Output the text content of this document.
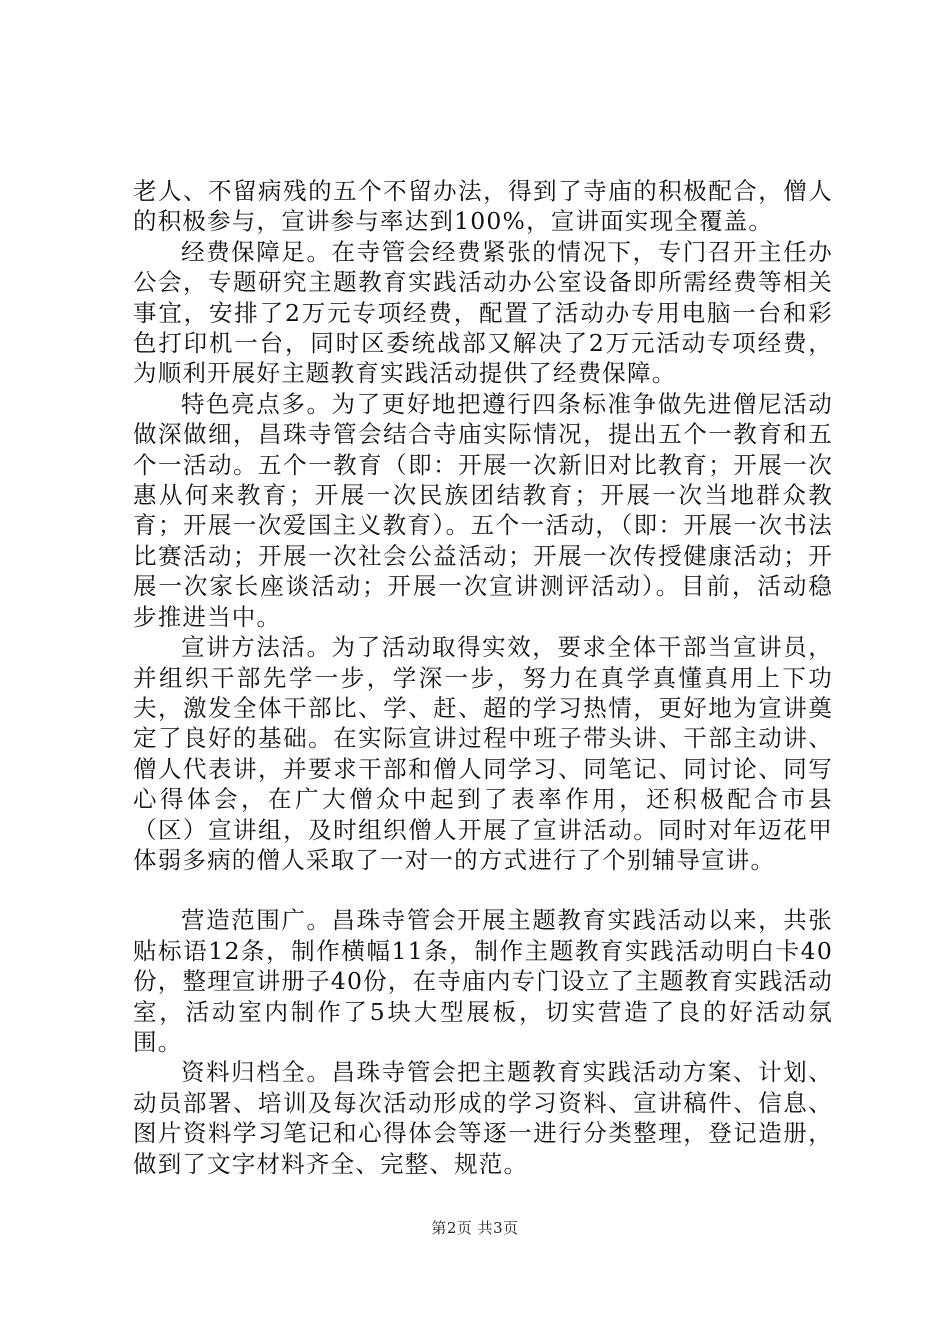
老人、不留病残的五个不留办法，得到了寺庙的积极配合，僧人的积极参与，宣讲参与率达到100%，宣讲面实现全覆盖。

经费保障足。在寺管会经费紧张的情况下，专门召开主任办公会，专题研究主题教育实践活动办公室设备即所需经费等相关事宜，安排了2万元专项经费，配置了活动办专用电脑一台和彩色打印机一台，同时区委统战部又解决了2万元活动专项经费，为顺利开展好主题教育实践活动提供了经费保障。

特色亮点多。为了更好地把遵行四条标准争做先进僧尼活动做深做细，昌珠寺管会结合寺庙实际情况，提出五个一教育和五个一活动。五个一教育（即：开展一次新旧对比教育；开展一次惠从何来教育；开展一次民族团结教育；开展一次当地群众教育；开展一次爱国主义教育）。五个一活动，（即：开展一次书法比赛活动；开展一次社会公益活动；开展一次传授健康活动；开展一次家长座谈活动；开展一次宣讲测评活动）。目前，活动稳步推进当中。

宣讲方法活。为了活动取得实效，要求全体干部当宣讲员，并组织干部先学一步，学深一步，努力在真学真懂真用上下功夫，激发全体干部比、学、赶、超的学习热情，更好地为宣讲奠定了良好的基础。在实际宣讲过程中班子带头讲、干部主动讲、僧人代表讲，并要求干部和僧人同学习、同笔记、同讨论、同写心得体会，在广大僧众中起到了表率作用，还积极配合市县（区）宣讲组，及时组织僧人开展了宣讲活动。同时对年迈花甲体弱多病的僧人采取了一对一的方式进行了个别辅导宣讲。

营造范围广。昌珠寺管会开展主题教育实践活动以来，共张贴标语12条，制作横幅11条，制作主题教育实践活动明白卡40份，整理宣讲册子40份，在寺庙内专门设立了主题教育实践活动室，活动室内制作了5块大型展板，切实营造了良的好活动氛围。

资料归档全。昌珠寺管会把主题教育实践活动方案、计划、动员部署、培训及每次活动形成的学习资料、宣讲稿件、信息、图片资料学习笔记和心得体会等逐一进行分类整理，登记造册，做到了文字材料齐全、完整、规范。

第2页 共3页
